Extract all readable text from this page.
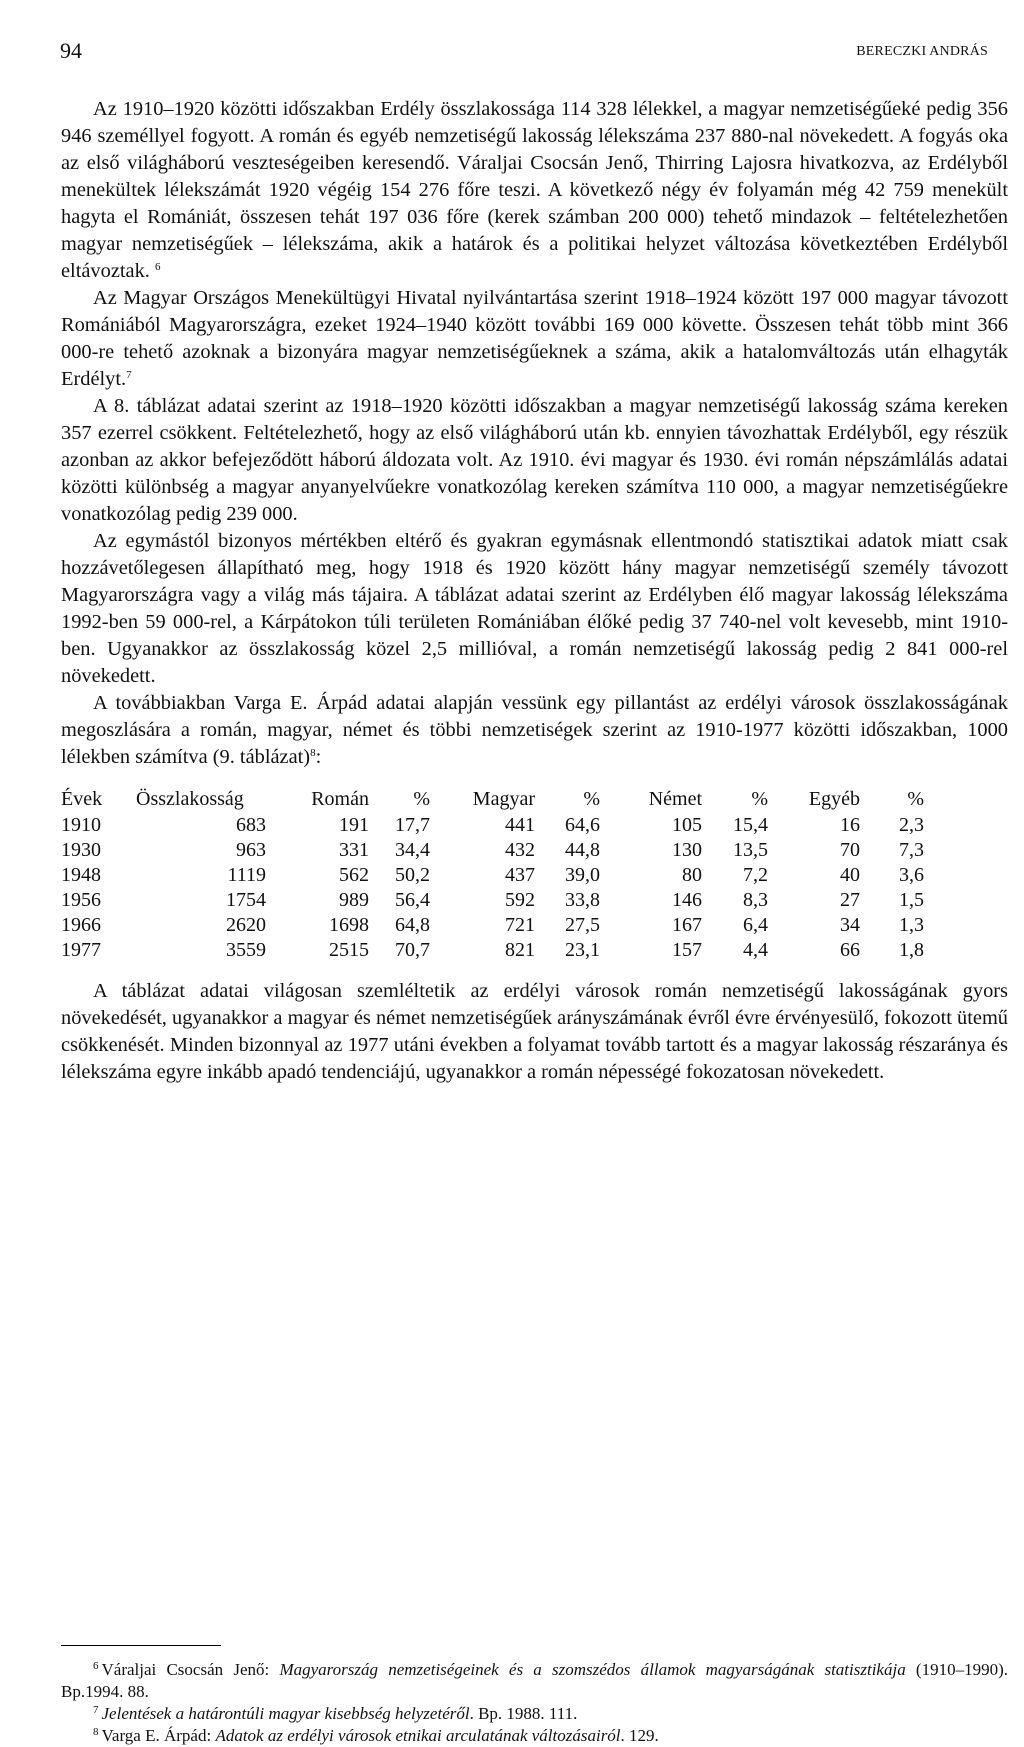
94	BERECZKI ANDRÁS

Az 1910–1920 közötti időszakban Erdély összlakossága 114 328 lélekkel, a magyar nemzetiségűeké pedig 356 946 személlyel fogyott. A román és egyéb nemzetiségű lakosság lélekszáma 237 880-nal növekedett. A fogyás oka az első világháború veszteségeiben keresendő. Váraljai Csocsán Jenő, Thirring Lajosra hivatkozva, az Erdélyből menekültek lélekszámát 1920 végéig 154 276 főre teszi. A következő négy év folyamán még 42 759 menekült hagyta el Romániát, összesen tehát 197 036 főre (kerek számban 200 000) tehető mindazok – feltételezhetően magyar nemzetiségűek – lélekszáma, akik a határok és a politikai helyzet változása következtében Erdélyből eltávoztak. $^6$

Az Magyar Országos Menekültügyi Hivatal nyilvántartása szerint 1918–1924 között 197 000 magyar távozott Romániából Magyarországra, ezeket 1924–1940 között további 169 000 követte. Összesen tehát több mint 366 000-re tehető azoknak a bizonyára magyar nemzetiségűeknek a száma, akik a hatalomváltozás után elhagyták Erdélyt.$^7$

A 8. táblázat adatai szerint az 1918–1920 közötti időszakban a magyar nemzetiségű lakosság száma kereken 357 ezerrel csökkent. Feltételezhető, hogy az első világháború után kb. ennyien távozhattak Erdélyből, egy részük azonban az akkor befejeződött háború áldozata volt. Az 1910. évi magyar és 1930. évi román népszámlálás adatai közötti különbség a magyar anyanyelvűekre vonatkozólag kereken számítva 110 000, a magyar nemzetiségűekre vonatkozólag pedig 239 000.

Az egymástól bizonyos mértékben eltérő és gyakran egymásnak ellentmondó statisztikai adatok miatt csak hozzávetőlegesen állapítható meg, hogy 1918 és 1920 között hány magyar nemzetiségű személy távozott Magyarországra vagy a világ más tájaira. A táblázat adatai szerint az Erdélyben élő magyar lakosság lélekszáma 1992-ben 59 000-rel, a Kárpátokon túli területen Romániában élőké pedig 37 740-nel volt kevesebb, mint 1910-ben. Ugyanakkor az összlakosság közel 2,5 millióval, a román nemzetiségű lakosság pedig 2 841 000-rel növekedett.

A továbbiakban Varga E. Árpád adatai alapján vessünk egy pillantást az erdélyi városok összlakosságának megoszlására a román, magyar, német és többi nemzetiségek szerint az 1910-1977 közötti időszakban, 1000 lélekben számítva (9. táblázat)$^8$:

Évek	Összlakosság	Román	%	Magyar	%	Német	%	Egyéb	%
1910	683	191	17,7	441	64,6	105	15,4	16	2,3
1930	963	331	34,4	432	44,8	130	13,5	70	7,3
1948	1119	562	50,2	437	39,0	80	7,2	40	3,6
1956	1754	989	56,4	592	33,8	146	8,3	27	1,5
1966	2620	1698	64,8	721	27,5	167	6,4	34	1,3
1977	3559	2515	70,7	821	23,1	157	4,4	66	1,8

A táblázat adatai világosan szemléltetik az erdélyi városok román nemzetiségű lakosságának gyors növekedését, ugyanakkor a magyar és német nemzetiségűek arányszámának évről évre érvényesülő, fokozott ütemű csökkenését. Minden bizonnyal az 1977 utáni években a folyamat tovább tartott és a magyar lakosság részaránya és lélekszáma egyre inkább apadó tendenciájú, ugyanakkor a román népességé fokozatosan növekedett.

$^6$ Váraljai Csocsán Jenő: Magyarország nemzetiségeinek és a szomszédos államok magyarságának statisztikája (1910–1990). Bp.1994. 88.

$^7$ Jelentések a határontúli magyar kisebbség helyzetéről. Bp. 1988. 111.

$^8$ Varga E. Árpád: Adatok az erdélyi városok etnikai arculatának változásairól. 129.
